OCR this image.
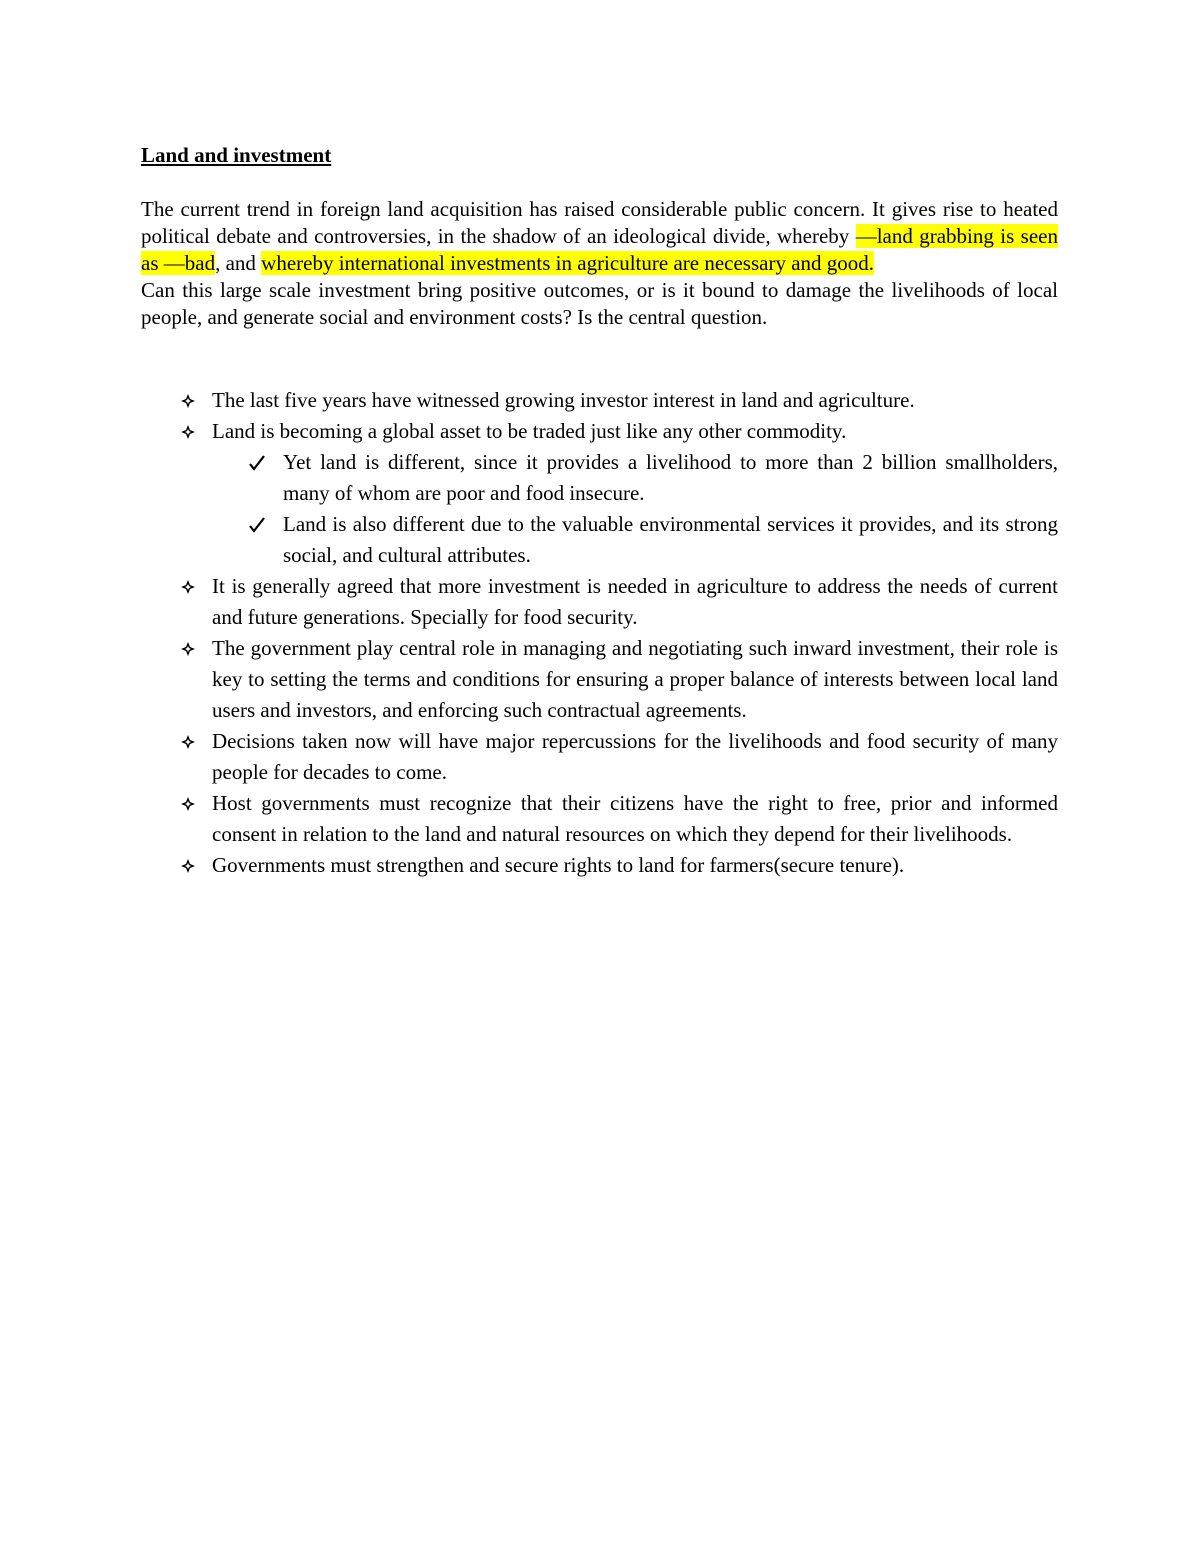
Land and investment

The current trend in foreign land acquisition has raised considerable public concern. It gives rise to heated political debate and controversies, in the shadow of an ideological divide, whereby —land grabbing is seen as —bad, and whereby international investments in agriculture are necessary and good.

Can this large scale investment bring positive outcomes, or is it bound to damage the livelihoods of local people, and generate social and environment costs? Is the central question.

The last five years have witnessed growing investor interest in land and agriculture.
Land is becoming a global asset to be traded just like any other commodity.
Yet land is different, since it provides a livelihood to more than 2 billion smallholders, many of whom are poor and food insecure.
Land is also different due to the valuable environmental services it provides, and its strong social, and cultural attributes.
It is generally agreed that more investment is needed in agriculture to address the needs of current and future generations. Specially for food security.
The government play central role in managing and negotiating such inward investment, their role is key to setting the terms and conditions for ensuring a proper balance of interests between local land users and investors, and enforcing such contractual agreements.
Decisions taken now will have major repercussions for the livelihoods and food security of many people for decades to come.
Host governments must recognize that their citizens have the right to free, prior and informed consent in relation to the land and natural resources on which they depend for their livelihoods.
Governments must strengthen and secure rights to land for farmers(secure tenure).
